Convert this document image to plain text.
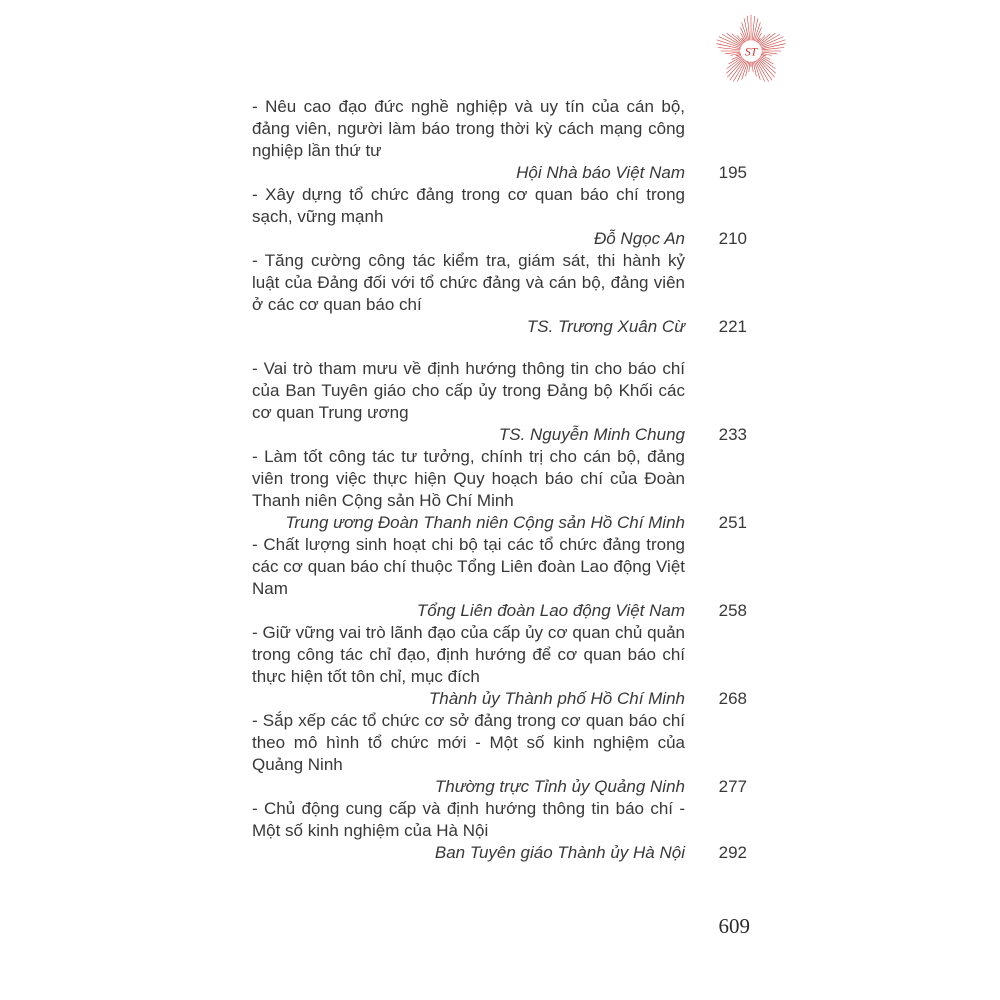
ST
- Nêu cao đạo đức nghề nghiệp và uy tín của cán bộ, đảng viên, người làm báo trong thời kỳ cách mạng công nghiệp lần thứ tư
Hội Nhà báo Việt Nam	195
- Xây dựng tổ chức đảng trong cơ quan báo chí trong sạch, vững mạnh
Đỗ Ngọc An	210
- Tăng cường công tác kiểm tra, giám sát, thi hành kỷ luật của Đảng đối với tổ chức đảng và cán bộ, đảng viên ở các cơ quan báo chí
TS. Trương Xuân Cừ	221
- Vai trò tham mưu về định hướng thông tin cho báo chí của Ban Tuyên giáo cho cấp ủy trong Đảng bộ Khối các cơ quan Trung ương
TS. Nguyễn Minh Chung	233
- Làm tốt công tác tư tưởng, chính trị cho cán bộ, đảng viên trong việc thực hiện Quy hoạch báo chí của Đoàn Thanh niên Cộng sản Hồ Chí Minh
Trung ương Đoàn Thanh niên Cộng sản Hồ Chí Minh	251
- Chất lượng sinh hoạt chi bộ tại các tổ chức đảng trong các cơ quan báo chí thuộc Tổng Liên đoàn Lao động Việt Nam
Tổng Liên đoàn Lao động Việt Nam	258
- Giữ vững vai trò lãnh đạo của cấp ủy cơ quan chủ quản trong công tác chỉ đạo, định hướng để cơ quan báo chí thực hiện tốt tôn chỉ, mục đích
Thành ủy Thành phố Hồ Chí Minh	268
- Sắp xếp các tổ chức cơ sở đảng trong cơ quan báo chí theo mô hình tổ chức mới - Một số kinh nghiệm của Quảng Ninh
Thường trực Tỉnh ủy Quảng Ninh	277
- Chủ động cung cấp và định hướng thông tin báo chí - Một số kinh nghiệm của Hà Nội
Ban Tuyên giáo Thành ủy Hà Nội	292
609
